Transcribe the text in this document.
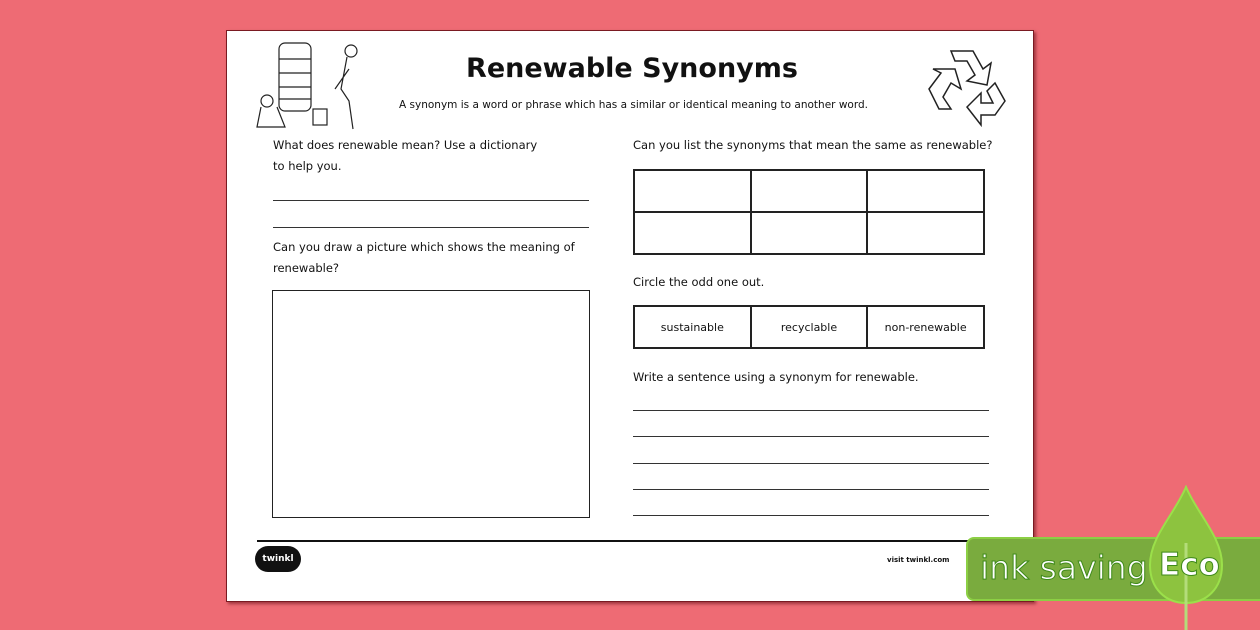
Renewable Synonyms
A synonym is a word or phrase which has a similar or identical meaning to another word.
What does renewable mean? Use a dictionary
to help you.
Can you draw a picture which shows the meaning of
renewable?
Can you list the synonyms that mean the same as renewable?
Circle the odd one out.
sustainable	recyclable	non-renewable
Write a sentence using a synonym for renewable.
twinkl	visit twinkl.com ink saving Eco
